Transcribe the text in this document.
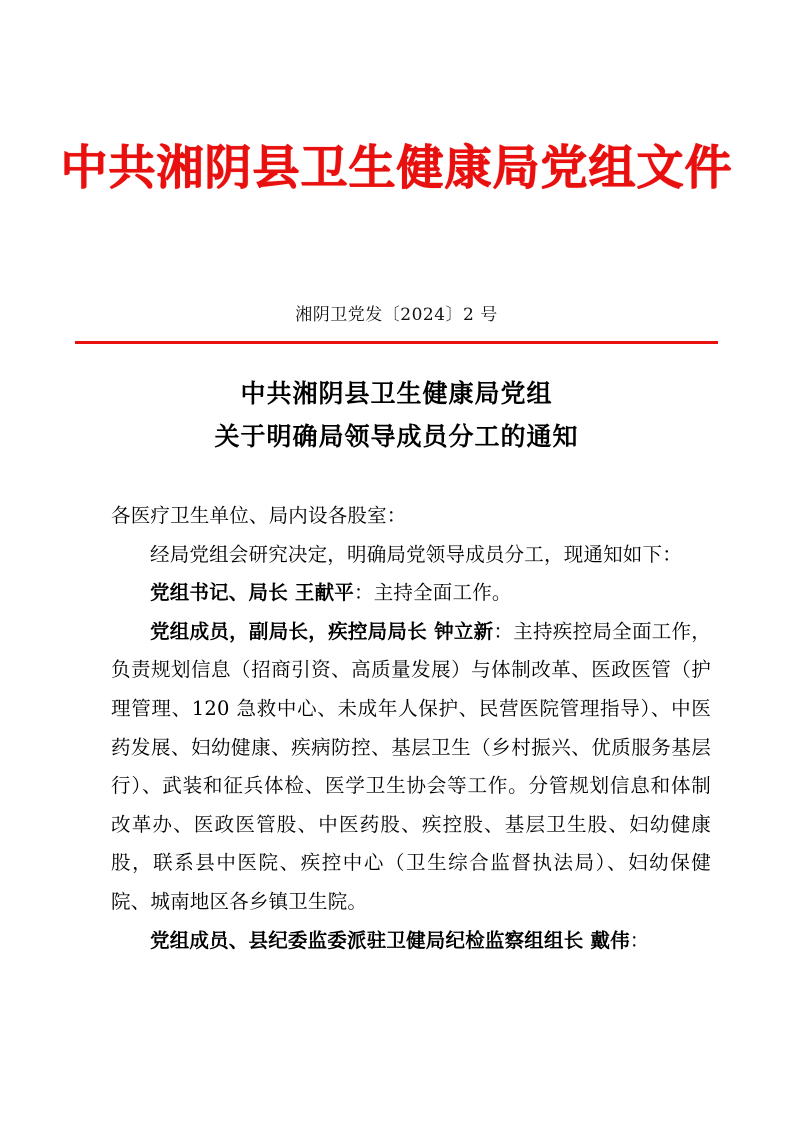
中共湘阴县卫生健康局党组文件
湘阴卫党发〔2024〕2 号
中共湘阴县卫生健康局党组
关于明确局领导成员分工的通知

各医疗卫生单位、局内设各股室：

经局党组会研究决定，明确局党领导成员分工，现通知如下：

党组书记、局长 王献平：主持全面工作。

党组成员，副局长，疾控局局长 钟立新：主持疾控局全面工作，负责规划信息（招商引资、高质量发展）与体制改革、医政医管（护理管理、120 急救中心、未成年人保护、民营医院管理指导）、中医药发展、妇幼健康、疾病防控、基层卫生（乡村振兴、优质服务基层行）、武装和征兵体检、医学卫生协会等工作。分管规划信息和体制改革办、医政医管股、中医药股、疾控股、基层卫生股、妇幼健康股，联系县中医院、疾控中心（卫生综合监督执法局）、妇幼保健院、城南地区各乡镇卫生院。

党组成员、县纪委监委派驻卫健局纪检监察组组长 戴伟：
